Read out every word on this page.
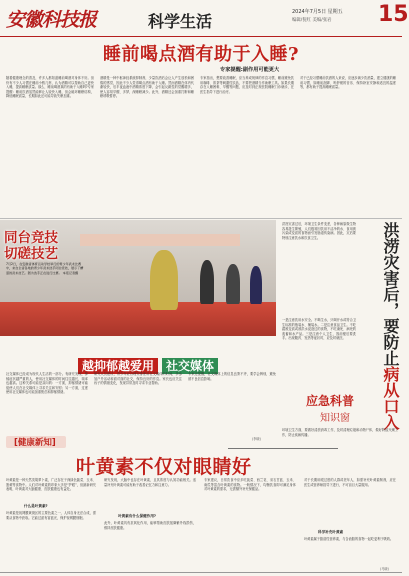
安徽科技报	科学生活	2024年7月5日 星期五
编辑/倪红 美编/张岩 15
睡前喝点酒有助于入睡?
专家提醒:副作用可能更大
随着健康理念的普及，许多人都知道睡前喝酒对身体不好。但仍有不少人习惯在睡前小酌几杯，认为酒精可以帮助自己更快入睡，提高睡眠质量。那么，睡前喝酒真的有助于入睡吗?专家提醒：睡前饮酒虽然能够让人较快入睡，但会破坏睡眠结构，降低睡眠质量，长期如此还可能导致失眠加重。
酒精是一种中枢神经系统抑制剂，少量饮酒后会让人产生放松和困倦的感觉，因此不少人觉得喝点酒有助于入睡。然而酒精在体内代谢较快，后半夜血液中酒精浓度下降，会引起反跳性的觉醒增多，使人容易早醒、多梦，深睡眠减少。此外，酒精还会加重打鼾和睡眠呼吸暂停。
专家指出，想要改善睡眠，应当养成规律的作息习惯，睡前避免饮用咖啡、浓茶等刺激性饮品，不要把酒精当作助眠工具。如果长期存在入睡困难、早醒等问题，应及时到正规医院睡眠门诊就诊，在医生指导下进行治疗。
对于已经习惯睡前饮酒的人来说，应逐步减少饮酒量，建立健康的睡前习惯，如睡前泡脚、听舒缓的音乐、保持卧室安静和适宜的温度等，都有助于提高睡眠质量。
同台竞技 切磋技艺
7月2日，在安徽省体育运动学校举行的青少年武术比赛中，来自全省各地的青少年武术选手同台竞技，展示了精湛的武术技艺。图为选手正在进行比赛。 本报记者摄
洪涝灾害过后，环境卫生条件变差，各种病原微生物容易滋生繁殖，人们极易因饮用不洁净的水、食用被污染或变质的食物而引发肠道传染病。因此，灾后要特别注意饮水和饮食卫生。	洪涝灾害后，要防止病从口入
一是注意饮用水安全。不喝生水，只喝开水或符合卫生标准的瓶装水、桶装水。二是注意食品卫生。不吃腐败变质或被洪水浸泡过的食物，不吃淹死、病死的禽畜和水产品。三是注意个人卫生，饭前便后要洗手。出现腹泻、发热等症状时，应及时就医。
应急科普
知识窗
环境卫生方面，要做好清淤消毒工作，及时清理垃圾和动物尸体，做好防蚊灭蝇工作，防止疾病传播。
越抑郁越爱用 社交媒体
社交媒体已经成为现代人生活的一部分。有研究发现，抑郁症状越严重的人，使用社交媒体的时间往往越长，频率也越高。这种关系可能是双向的：一方面，抑郁情绪可能促使人们在社交媒体上寻求关注和安慰；另一方面，过度使用社交媒体也可能加重焦虑和抑郁情绪。
研究人员建议，青少年应合理安排使用社交媒体的时间，多参加户外活动和面对面的社交，保持良好的作息。家长也应关注孩子的情绪变化，发现异常及时寻求专业帮助。
专家还提醒，社交媒体上的信息良莠不齐，要学会辨别，避免被不良信息影响。
(李晓)
[健康新知]
叶黄素不仅对眼睛好
叶黄素是一种天然类胡萝卜素，广泛存在于深绿色蔬菜、玉米、蛋黄等食物中。人们对叶黄素的印象大多是“护眼”，但最新研究表明，叶黄素对大脑健康、皮肤健康也有益处。
什么是叶黄素?
叶黄素是视网膜黄斑区的主要色素之一，人体自身无法合成，需要从食物中获取。它能过滤有害蓝光，保护视网膜细胞。
研究发现，大脑中也存在叶黄素，且其浓度与认知功能相关。适量补充叶黄素可能有助于改善记忆力和注意力。
叶黄素有什么保健作用?
此外，叶黄素具有抗氧化作用，能够帮助皮肤抵御紫外线损伤，维持皮肤健康。
专家建议，日常饮食中应多吃菠菜、西兰花、羽衣甘蓝、玉米、南瓜等富含叶黄素的食物。一般情况下，均衡饮食即可满足身体对叶黄素的需求，无需额外补充保健品。
对于长期用眼过度的人群或老年人，如需补充叶黄素制剂，应在医生或营养师指导下进行，不可盲目大量服用。
科学补充叶黄素
叶黄素属于脂溶性营养素，与含油脂的食物一起吃更利于吸收。
(马晓)
